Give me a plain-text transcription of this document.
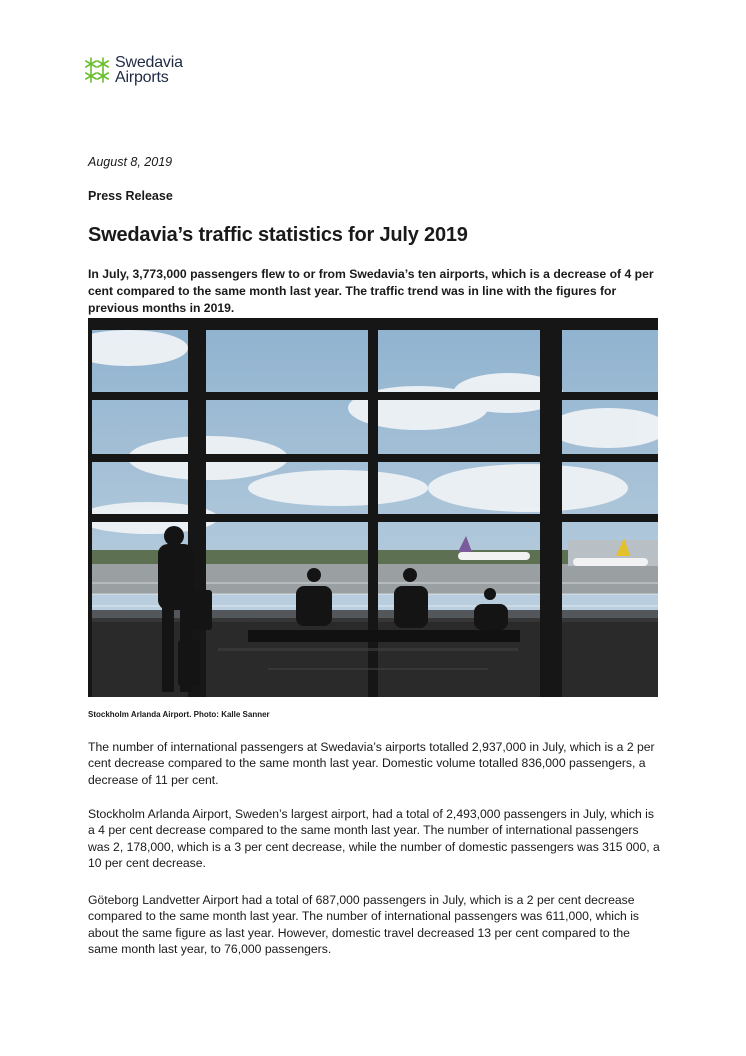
Swedavia
Airports
August 8, 2019
Press Release
Swedavia’s traffic statistics for July 2019

In July, 3,773,000 passengers flew to or from Swedavia’s ten airports, which is a decrease of 4 per cent compared to the same month last year. The traffic trend was in line with the figures for previous months in 2019.

Stockholm Arlanda Airport. Photo: Kalle Sanner

The number of international passengers at Swedavia’s airports totalled 2,937,000 in July, which is a 2 per cent decrease compared to the same month last year. Domestic volume totalled 836,000 passengers, a decrease of 11 per cent.

Stockholm Arlanda Airport, Sweden’s largest airport, had a total of 2,493,000 passengers in July, which is a 4 per cent decrease compared to the same month last year. The number of international passengers was 2, 178,000, which is a 3 per cent decrease, while the number of domestic passengers was 315 000, a 10 per cent decrease.

Göteborg Landvetter Airport had a total of 687,000 passengers in July, which is a 2 per cent decrease compared to the same month last year. The number of international passengers was 611,000, which is about the same figure as last year. However, domestic travel decreased 13 per cent compared to the same month last year, to 76,000 passengers.
